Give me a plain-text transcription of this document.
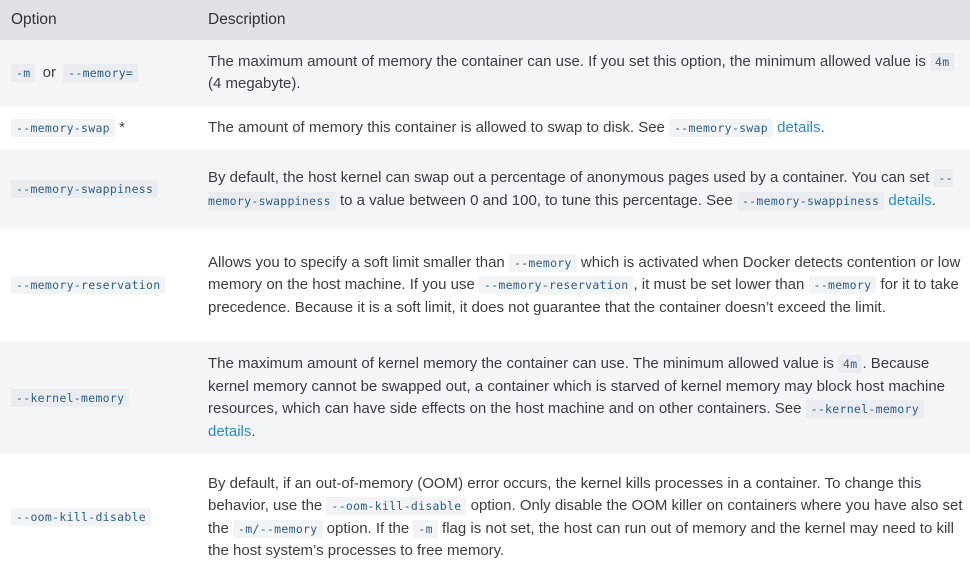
Option	Description
-m or --memory=	The maximum amount of memory the container can use. If you set this option, the minimum allowed value is 4m (4 megabyte).
--memory-swap *	The amount of memory this container is allowed to swap to disk. See --memory-swap details.
--memory-swappiness	By default, the host kernel can swap out a percentage of anonymous pages used by a container. You can set --memory-swappiness to a value between 0 and 100, to tune this percentage. See --memory-swappiness details.
--memory-reservation	Allows you to specify a soft limit smaller than --memory which is activated when Docker detects contention or low memory on the host machine. If you use --memory-reservation , it must be set lower than --memory for it to take precedence. Because it is a soft limit, it does not guarantee that the container doesn’t exceed the limit.
--kernel-memory	The maximum amount of kernel memory the container can use. The minimum allowed value is 4m . Because kernel memory cannot be swapped out, a container which is starved of kernel memory may block host machine resources, which can have side effects on the host machine and on other containers. See --kernel-memory details.
--oom-kill-disable	By default, if an out-of-memory (OOM) error occurs, the kernel kills processes in a container. To change this behavior, use the --oom-kill-disable option. Only disable the OOM killer on containers where you have also set the -m/--memory option. If the -m flag is not set, the host can run out of memory and the kernel may need to kill the host system’s processes to free memory.
